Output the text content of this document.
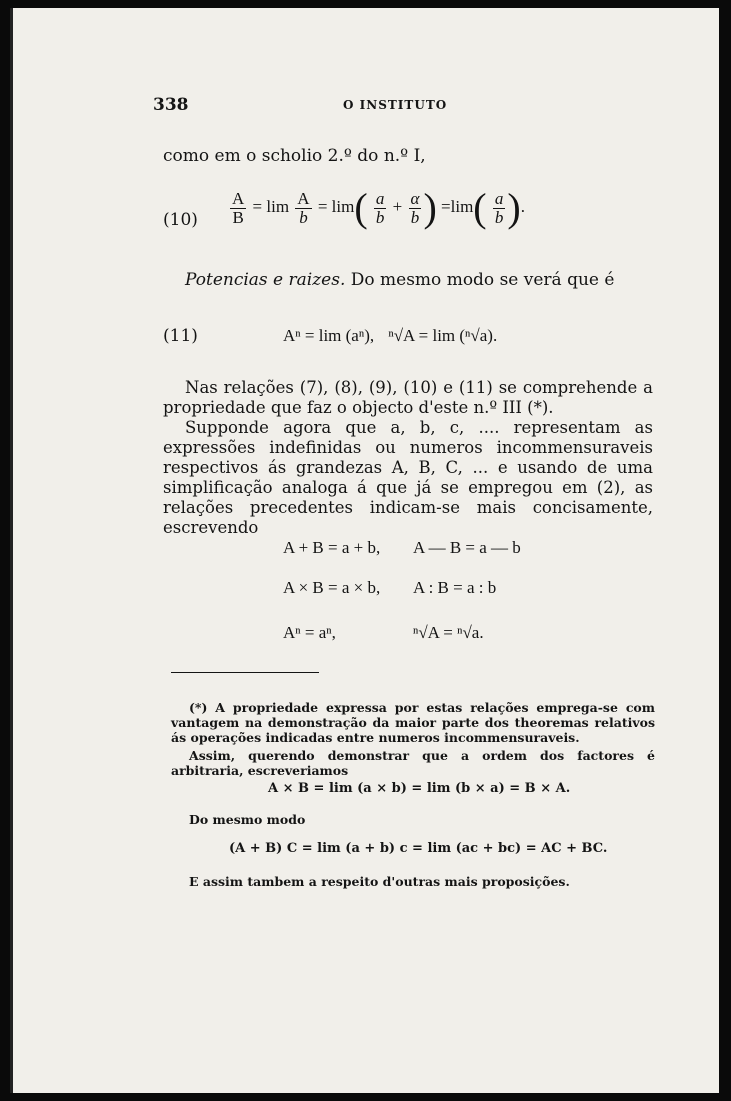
338	O INSTITUTO
como em o scholio 2.º do n.º I,
$(10) \frac{A}{B} = \lim \frac{A}{b} = \lim( \frac{a}{b} + \frac{\alpha}{b}$ ) $=\lim( \frac{a}{b}$ ).
Potencias e raizes. Do mesmo modo se verá que é
(11)	Aⁿ = lim (aⁿ), ⁿ√A = lim (ⁿ√a).
Nas relações (7), (8), (9), (10) e (11) se comprehende a propriedade que faz o objecto d'este n.º III (*).
Supponde agora que a, b, c, .... representam as expressões indefinidas ou numeros incommensuraveis respectivos ás grandezas A, B, C, ... e usando de uma simplificação analoga á que já se empregou em (2), as relações precedentes indicam-se mais concisamente, escrevendo
A + B = a + b, A — B = a — b
A × B = a × b, A : B = a : b
Aⁿ = aⁿ,	ⁿ√A = ⁿ√a.
(*) A propriedade expressa por estas relações emprega-se com vantagem na demonstração da maior parte dos theoremas relativos ás operações indicadas entre numeros incommensuraveis.
Assim, querendo demonstrar que a ordem dos factores é arbitraria, escreveriamos
A × B = lim (a × b) = lim (b × a) = B × A.
Do mesmo modo
(A + B) C = lim (a + b) c = lim (ac + bc) = AC + BC.
E assim tambem a respeito d'outras mais proposições.
